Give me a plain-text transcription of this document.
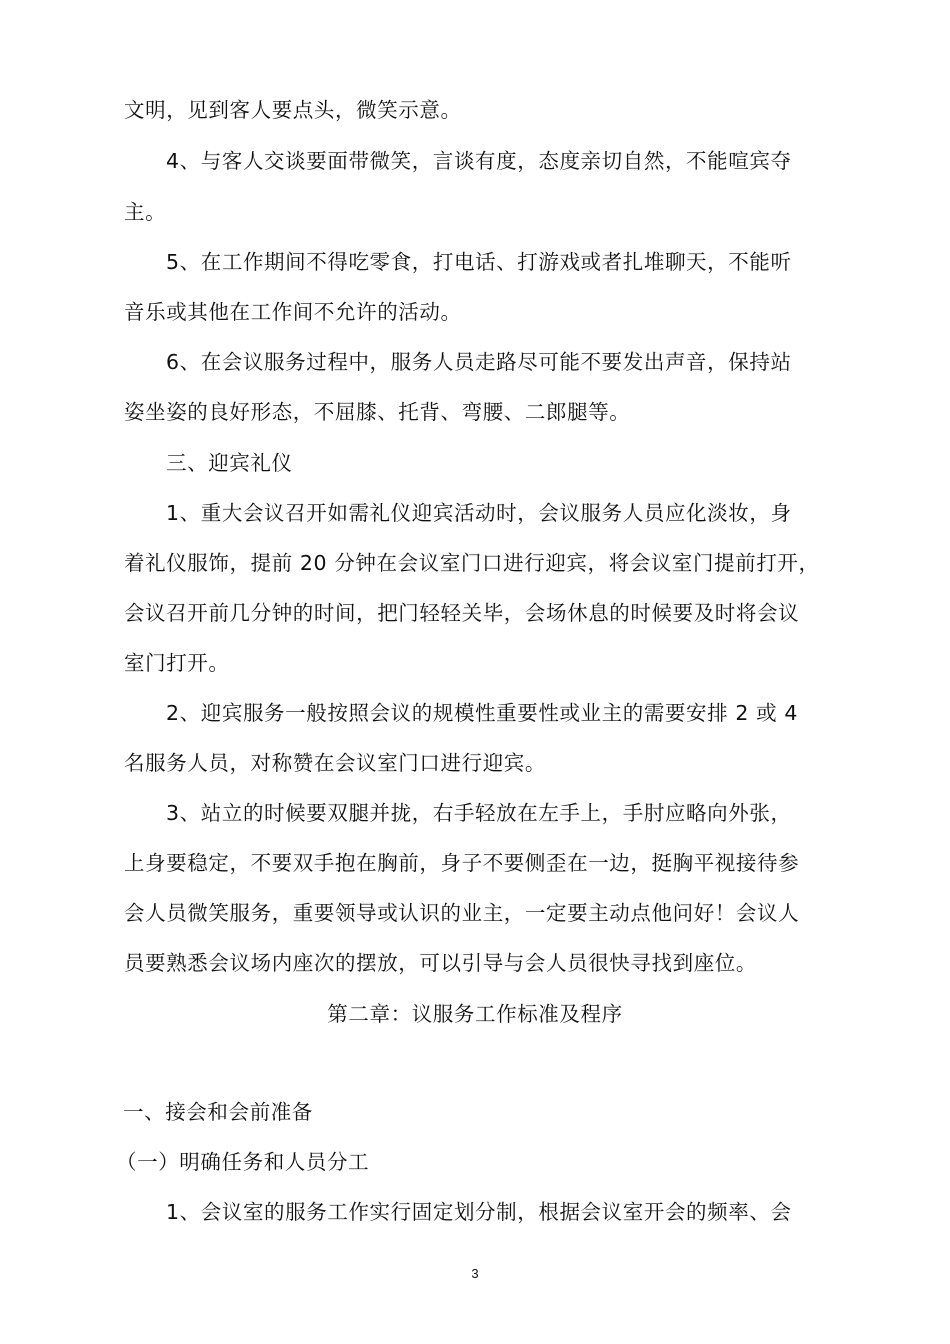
文明，见到客人要点头，微笑示意。
4、与客人交谈要面带微笑，言谈有度，态度亲切自然，不能喧宾夺
主。
5、在工作期间不得吃零食，打电话、打游戏或者扎堆聊天，不能听
音乐或其他在工作间不允许的活动。
6、在会议服务过程中，服务人员走路尽可能不要发出声音，保持站
姿坐姿的良好形态，不屈膝、托背、弯腰、二郎腿等。
三、迎宾礼仪
1、重大会议召开如需礼仪迎宾活动时，会议服务人员应化淡妆，身
着礼仪服饰，提前 20 分钟在会议室门口进行迎宾，将会议室门提前打开，
会议召开前几分钟的时间，把门轻轻关毕，会场休息的时候要及时将会议
室门打开。
2、迎宾服务一般按照会议的规模性重要性或业主的需要安排 2 或 4
名服务人员，对称赞在会议室门口进行迎宾。
3、站立的时候要双腿并拢，右手轻放在左手上，手肘应略向外张，
上身要稳定，不要双手抱在胸前，身子不要侧歪在一边，挺胸平视接待参
会人员微笑服务，重要领导或认识的业主，一定要主动点他问好！会议人
员要熟悉会议场内座次的摆放，可以引导与会人员很快寻找到座位。
第二章：议服务工作标准及程序
一、接会和会前准备
（一）明确任务和人员分工
1、会议室的服务工作实行固定划分制，根据会议室开会的频率、会
3
